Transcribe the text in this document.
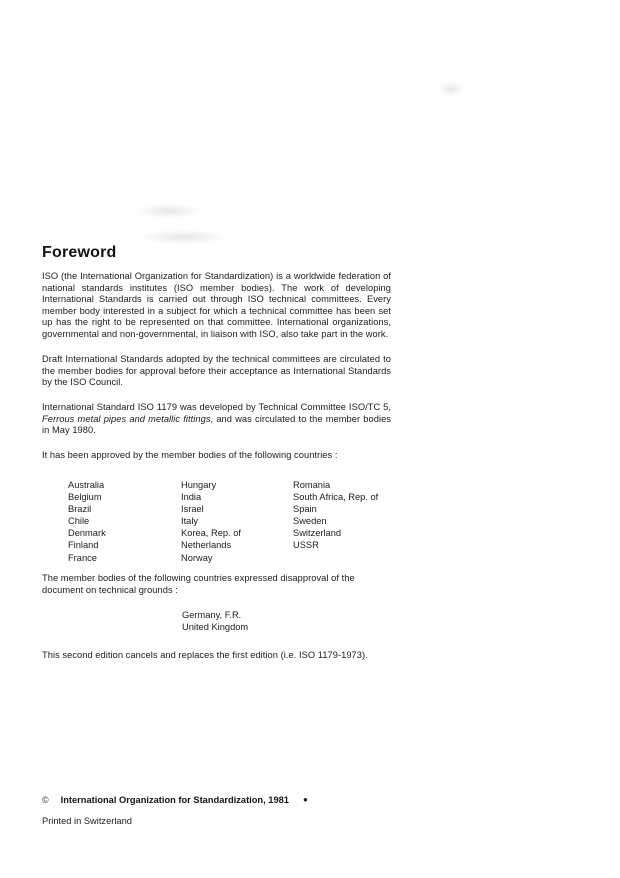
Foreword
ISO (the International Organization for Standardization) is a worldwide federation of national standards institutes (ISO member bodies). The work of developing International Standards is carried out through ISO technical committees. Every member body interested in a subject for which a technical committee has been set up has the right to be represented on that committee. International organizations, governmental and non-governmental, in liaison with ISO, also take part in the work.
Draft International Standards adopted by the technical committees are circulated to the member bodies for approval before their acceptance as International Standards by the ISO Council.
International Standard ISO 1179 was developed by Technical Committee ISO/TC 5, Ferrous metal pipes and metallic fittings, and was circulated to the member bodies in May 1980.
It has been approved by the member bodies of the following countries :
Australia
Belgium
Brazil
Chile
Denmark
Finland
France
Hungary
India
Israel
Italy
Korea, Rep. of
Netherlands
Norway
Romania
South Africa, Rep. of
Spain
Sweden
Switzerland
USSR
The member bodies of the following countries expressed disapproval of the document on technical grounds :
Germany, F.R.
United Kingdom
This second edition cancels and replaces the first edition (i.e. ISO 1179-1973).
© International Organization for Standardization, 1981 ●
Printed in Switzerland
